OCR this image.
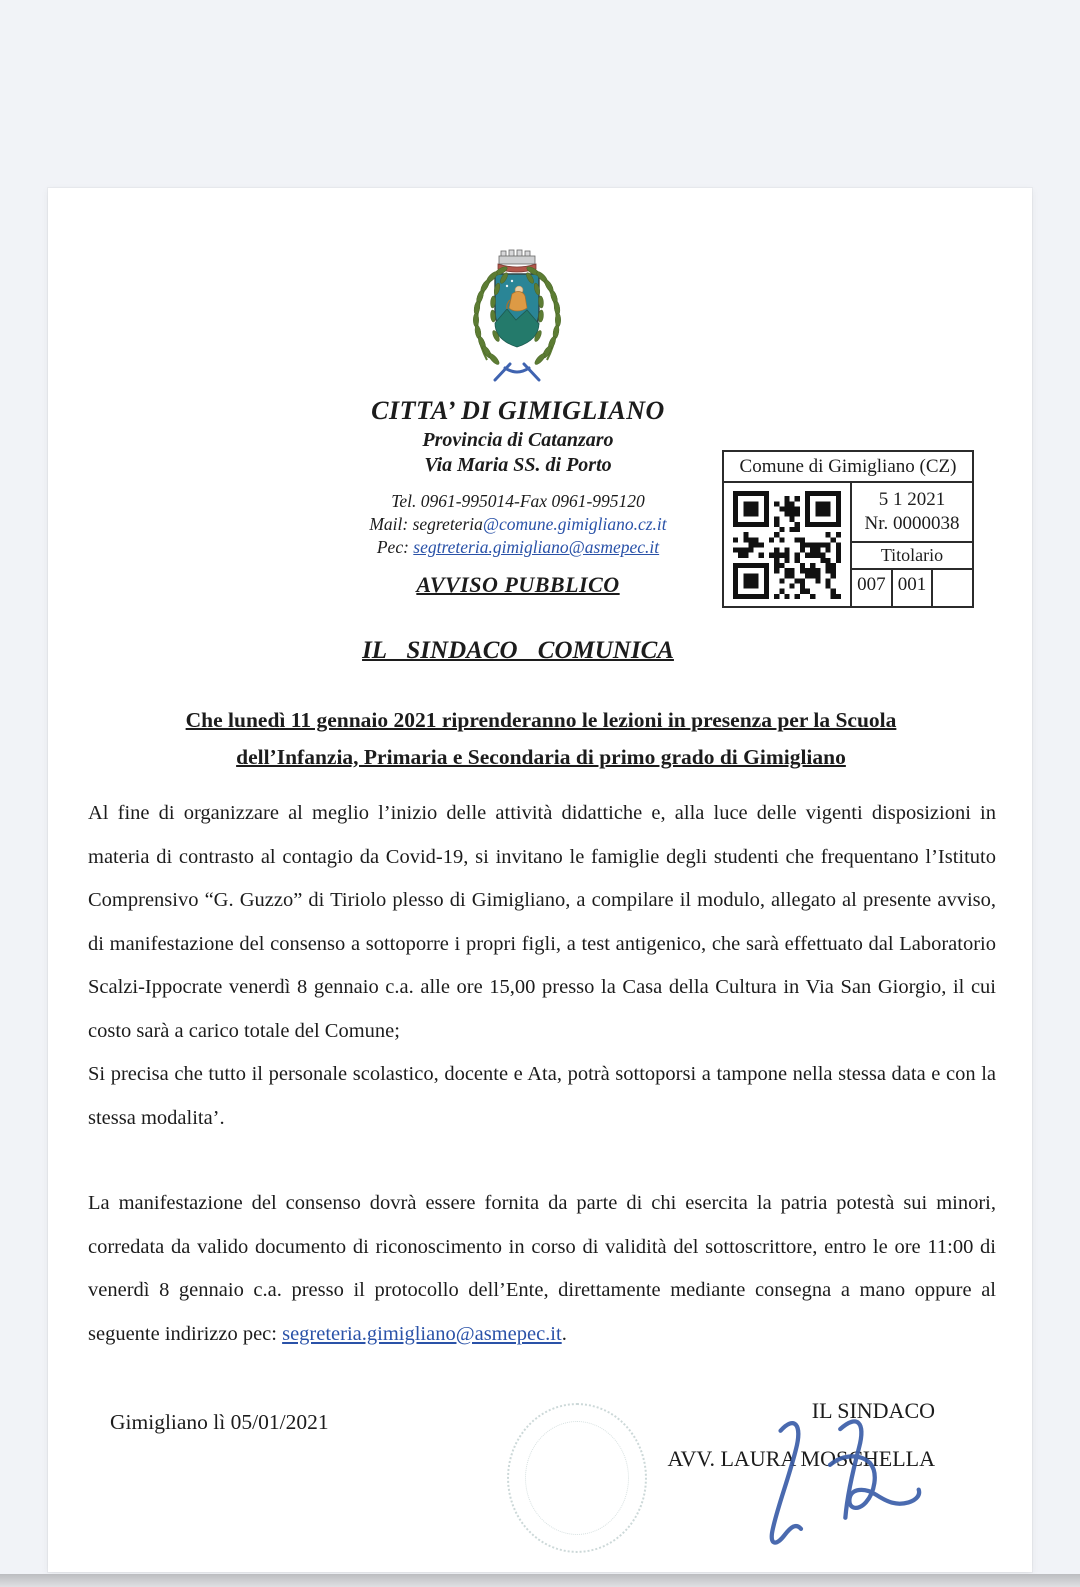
CITTA’ DI GIMIGLIANO
Provincia di Catanzaro
Via Maria SS. di Porto
Tel. 0961-995014-Fax 0961-995120
Mail: segreteria@comune.gimigliano.cz.it
Pec: segtreteria.gimigliano@asmepec.it
AVVISO PUBBLICO
Comune di Gimigliano (CZ)
5 1 2021
Nr. 0000038
Titolario
007 001
IL SINDACO COMUNICA
Che lunedì 11 gennaio 2021 riprenderanno le lezioni in presenza per la Scuola
dell’Infanzia, Primaria e Secondaria di primo grado di Gimigliano

Al fine di organizzare al meglio l’inizio delle attività didattiche e, alla luce delle vigenti disposizioni in materia di contrasto al contagio da Covid-19, si invitano le famiglie degli studenti che frequentano l’Istituto Comprensivo “G. Guzzo” di Tiriolo plesso di Gimigliano, a compilare il modulo, allegato al presente avviso, di manifestazione del consenso a sottoporre i propri figli, a test antigenico, che sarà effettuato dal Laboratorio Scalzi-Ippocrate venerdì 8 gennaio c.a. alle ore 15,00 presso la Casa della Cultura in Via San Giorgio, il cui costo sarà a carico totale del Comune;

Si precisa che tutto il personale scolastico, docente e Ata, potrà sottoporsi a tampone nella stessa data e con la stessa modalita’.

La manifestazione del consenso dovrà essere fornita da parte di chi esercita la patria potestà sui minori, corredata da valido documento di riconoscimento in corso di validità del sottoscrittore, entro le ore 11:00 di venerdì 8 gennaio c.a. presso il protocollo dell’Ente, direttamente mediante consegna a mano oppure al seguente indirizzo pec: segreteria.gimigliano@asmepec.it.

Gimigliano lì 05/01/2021	IL SINDACO
AVV. LAURA MOSCHELLA
